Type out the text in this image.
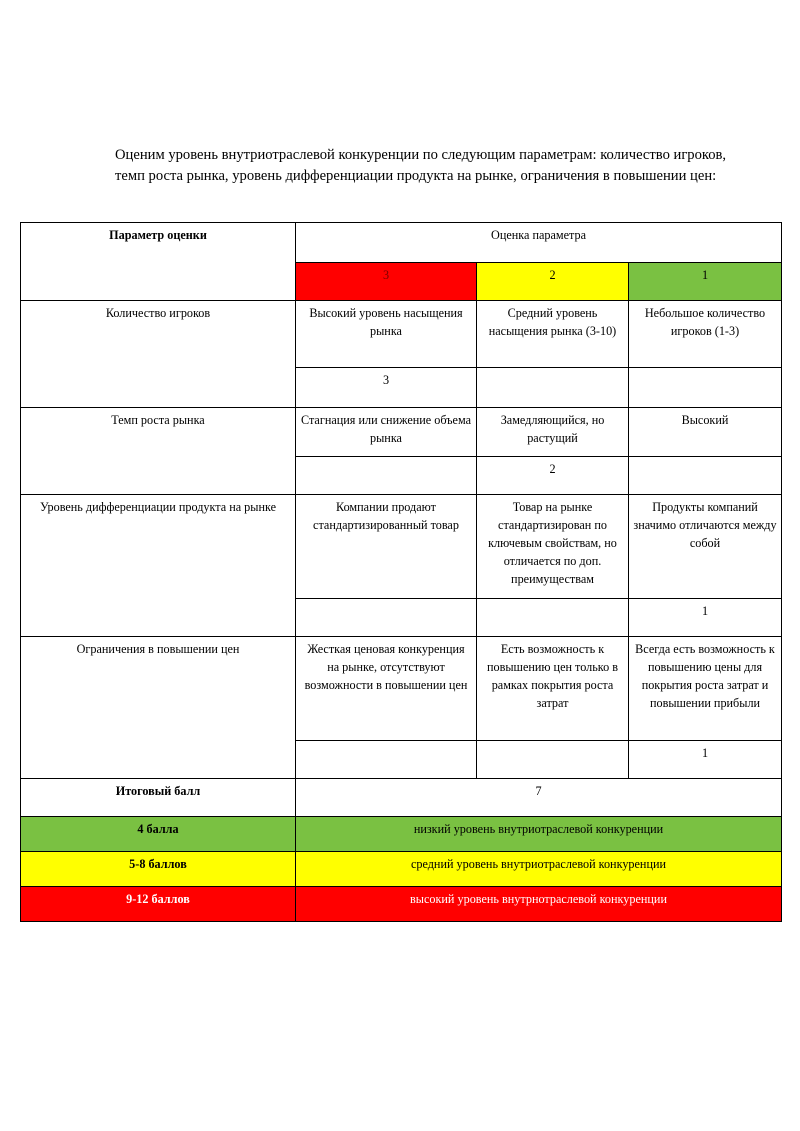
Оценим уровень внутриотраслевой конкуренции по следующим параметрам: количество игроков, темп роста рынка, уровень дифференциации продукта на рынке, ограничения в повышении цен:

Параметр оценки	Оценка параметра		
	3	2	1
Количество игроков	Высокий уровень насыщения рынка	Средний уровень насыщения рынка (3-10)	Небольшое количество игроков (1-3)
	3		
Темп роста рынка	Стагнация или снижение объема рынка	Замедляющийся, но растущий	Высокий
		2	
Уровень дифференциации продукта на рынке	Компании продают стандартизированный товар	Товар на рынке стандартизирован по ключевым свойствам, но отличается по доп. преимуществам	Продукты компаний значимо отличаются между собой
			1
Ограничения в повышении цен	Жесткая ценовая конкуренция на рынке, отсутствуют возможности в повышении цен	Есть возможность к повышению цен только в рамках покрытия роста затрат	Всегда есть возможность к повышению цены для покрытия роста затрат и повышении прибыли
			1
Итоговый балл	7		
4 балла	низкий уровень внутриотраслевой конкуренции		
5-8 баллов	средний уровень внутриотраслевой конкуренции		
9-12 баллов	высокий уровень внутрнотраслевой конкуренции		
